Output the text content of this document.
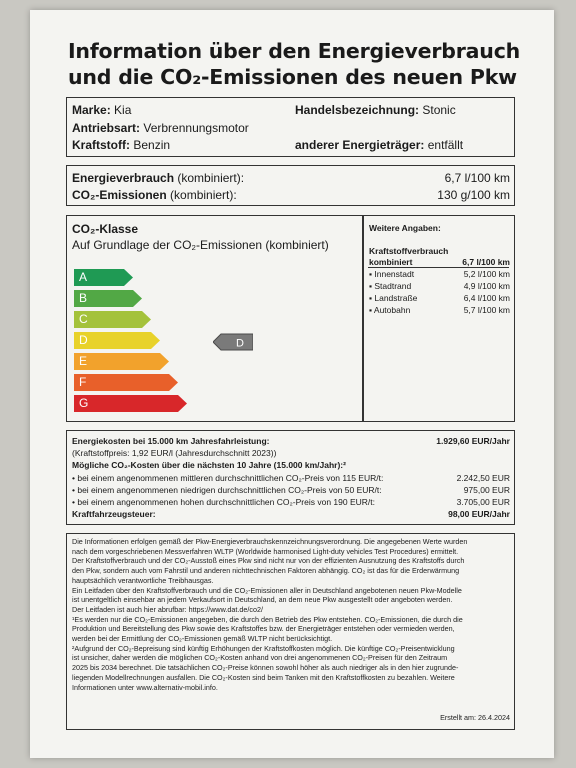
Information über den Energieverbrauch
und die CO₂-Emissionen des neuen Pkw
Marke: Kia	Handelsbezeichnung: Stonic
Antriebsart: Verbrennungsmotor
Kraftstoff: Benzin	anderer Energieträger: entfällt
Energieverbrauch (kombiniert):	6,7 l/100 km
CO₂-Emissionen (kombiniert):	130 g/100 km
CO₂-Klasse
Auf Grundlage der CO₂-Emissionen (kombiniert)
A
B
C
D
E
F
G
D
Weitere Angaben:
Kraftstoffverbrauch
kombiniert	6,7 l/100 km
▪ Innenstadt	5,2 l/100 km
▪ Stadtrand	4,9 l/100 km
▪ Landstraße	6,4 l/100 km
▪ Autobahn	5,7 l/100 km
Energiekosten bei 15.000 km Jahresfahrleistung:	1.929,60 EUR/Jahr
(Kraftstoffpreis: 1,92 EUR/l (Jahresdurchschnitt 2023))
Mögliche CO₂-Kosten über die nächsten 10 Jahre (15.000 km/Jahr):²
• bei einem angenommenen mittleren durchschnittlichen CO₂-Preis von 115 EUR/t:	2.242,50 EUR
• bei einem angenommenen niedrigen durchschnittlichen CO₂-Preis von 50 EUR/t:	975,00 EUR
• bei einem angenommenen hohen durchschnittlichen CO₂-Preis von 190 EUR/t:	3.705,00 EUR
Kraftfahrzeugsteuer:	98,00 EUR/Jahr
Die Informationen erfolgen gemäß der Pkw-Energieverbrauchskennzeichnungsverordnung. Die angegebenen Werte wurden
nach dem vorgeschriebenen Messverfahren WLTP (Worldwide harmonised Light-duty vehicles Test Procedures) ermittelt.
Der Kraftstoffverbrauch und der CO₂-Ausstoß eines Pkw sind nicht nur von der effizienten Ausnutzung des Kraftstoffs durch
den Pkw, sondern auch vom Fahrstil und anderen nichttechnischen Faktoren abhängig. CO₂ ist das für die Erderwärmung
hauptsächlich verantwortliche Treibhausgas.
Ein Leitfaden über den Kraftstoffverbrauch und die CO₂-Emissionen aller in Deutschland angebotenen neuen Pkw-Modelle
ist unentgeltlich einsehbar an jedem Verkaufsort in Deutschland, an dem neue Pkw ausgestellt oder angeboten werden.
Der Leitfaden ist auch hier abrufbar: https://www.dat.de/co2/
¹Es werden nur die CO₂-Emissionen angegeben, die durch den Betrieb des Pkw entstehen. CO₂-Emissionen, die durch die
Produktion und Bereitstellung des Pkw sowie des Kraftstoffes bzw. der Energieträger entstehen oder vermieden werden,
werden bei der Ermittlung der CO₂-Emissionen gemäß WLTP nicht berücksichtigt.
²Aufgrund der CO₂-Bepreisung sind künftig Erhöhungen der Kraftstoffkosten möglich. Die künftige CO₂-Preisentwicklung
ist unsicher, daher werden die möglichen CO₂-Kosten anhand von drei angenommenen CO₂-Preisen für den Zeitraum
2025 bis 2034 berechnet. Die tatsächlichen CO₂-Preise können sowohl höher als auch niedriger als in den hier zugrunde-
liegenden Modellrechnungen ausfallen. Die CO₂-Kosten sind beim Tanken mit den Kraftstoffkosten zu bezahlen. Weitere
Informationen unter www.alternativ-mobil.info.
Erstellt am: 26.4.2024
